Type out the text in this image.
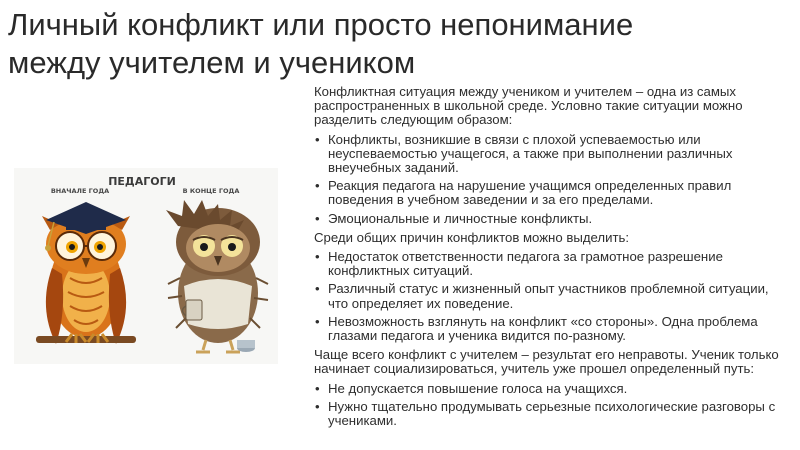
Личный конфликт или просто непонимание
между учителем и учеником
ПЕДАГОГИ
ВНАЧАЛЕ ГОДА	В КОНЦЕ ГОДА

Конфликтная ситуация между учеником и учителем – одна из самых распространенных в школьной среде. Условно такие ситуации можно разделить следующим образом:

• Конфликты, возникшие в связи с плохой успеваемостью или неуспеваемостью учащегося, а также при выполнении различных внеучебных заданий.
• Реакция педагога на нарушение учащимся определенных правил поведения в учебном заведении и за его пределами.
• Эмоциональные и личностные конфликты.

Среди общих причин конфликтов можно выделить:

• Недостаток ответственности педагога за грамотное разрешение конфликтных ситуаций.
• Различный статус и жизненный опыт участников проблемной ситуации, что определяет их поведение.
• Невозможность взглянуть на конфликт «со стороны». Одна проблема глазами педагога и ученика видится по-разному.

Чаще всего конфликт с учителем – результат его неправоты. Ученик только начинает социализироваться, учитель уже прошел определенный путь:

• Не допускается повышение голоса на учащихся.
• Нужно тщательно продумывать серьезные психологические разговоры с учениками.
